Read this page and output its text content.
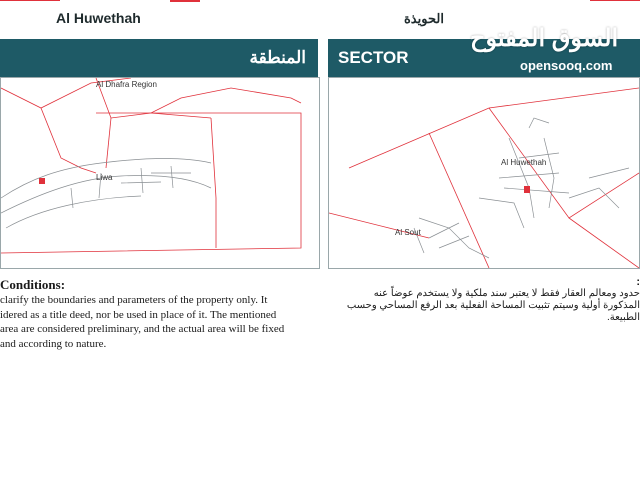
Al Huwethah	الحويذة
المنطقة
Al Dhafra Region
Liwa
SECTOR
Al Huwethah
Al Sout
السوق المفتوح
opensooq.com
Conditions:
clarify the boundaries and parameters of the property only. It
idered as a title deed, nor be used in place of it. The mentioned
area are considered preliminary, and the actual area will be fixed
and according to nature.
:
حدود ومعالم العقار فقط لا يعتبر سند ملكية ولا يستخدم عوضاً عنه
المذكورة أولية وسيتم تثبيت المساحة الفعلية بعد الرفع المساحي وحسب الطبيعة.
